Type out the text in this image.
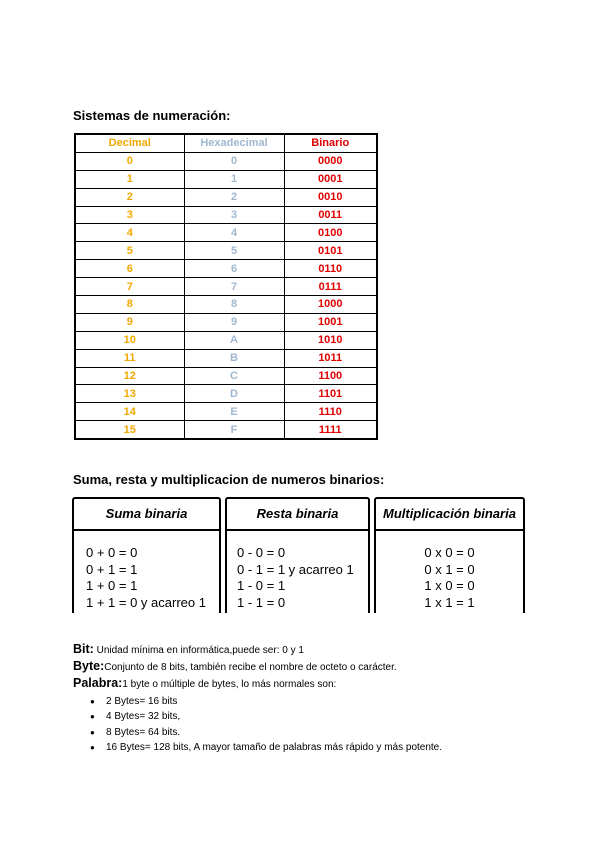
Sistemas de numeración:
Decimal	Hexadecimal	Binario
0	0	0000
1	1	0001
2	2	0010
3	3	0011
4	4	0100
5	5	0101
6	6	0110
7	7	0111
8	8	1000
9	9	1001
10	A	1010
11	B	1011
12	C	1100
13	D	1101
14	E	1110
15	F	1111
Suma, resta y multiplicacion de numeros binarios:
Suma binaria
0 + 0 = 0
0 + 1 = 1
1 + 0 = 1
1 + 1 = 0 y acarreo 1
Resta binaria
0 - 0 = 0
0 - 1 = 1 y acarreo 1
1 - 0 = 1
1 - 1 = 0
Multiplicación binaria
0 x 0 = 0
0 x 1 = 0
1 x 0 = 0
1 x 1 = 1
Bit: Unidad mínima en informática,puede ser: 0 y 1
Byte:Conjunto de 8 bits, también recibe el nombre de octeto o carácter.
Palabra:1 byte o múltiple de bytes, lo más normales son:
● 2 Bytes= 16 bits
● 4 Bytes= 32 bits,
● 8 Bytes= 64 bits.
● 16 Bytes= 128 bits, A mayor tamaño de palabras más rápido y más potente.
